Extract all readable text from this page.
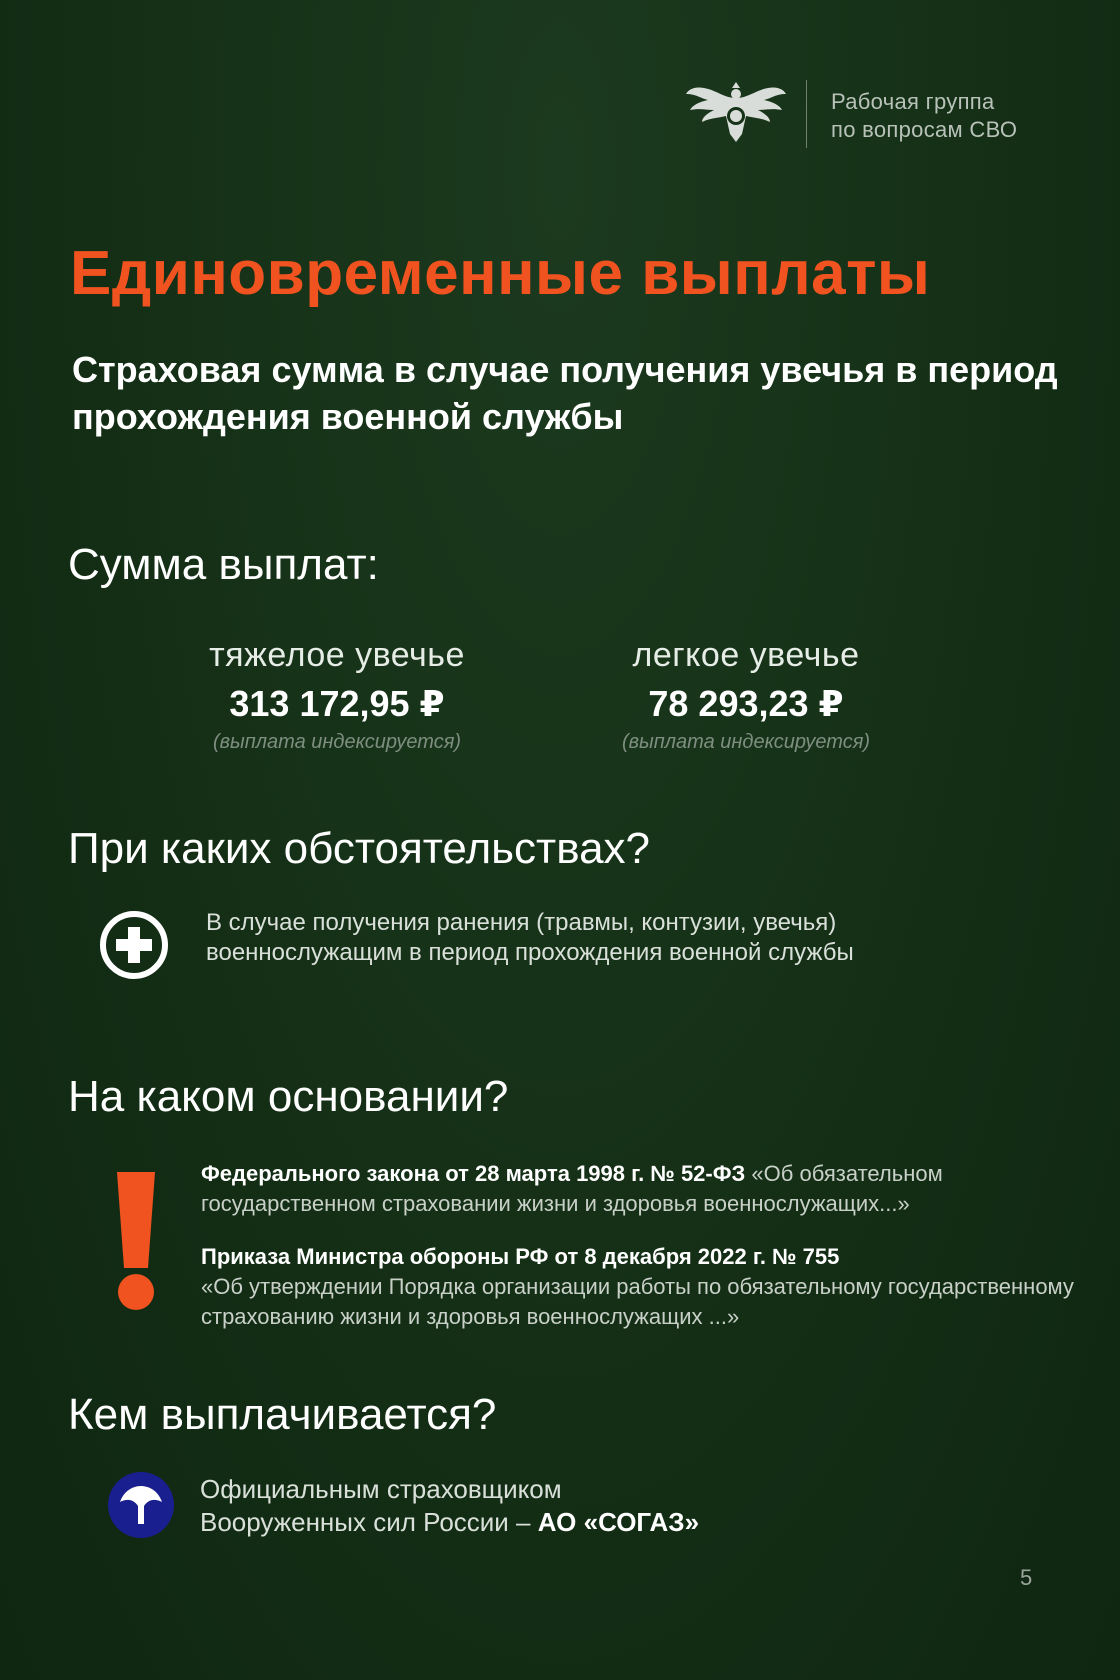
Рабочая группа
по вопросам СВО
Единовременные выплаты
Страховая сумма в случае получения увечья в период прохождения военной службы
Сумма выплат:
тяжелое увечье
313 172,95 ₽
(выплата индексируется)
легкое увечье
78 293,23 ₽
(выплата индексируется)
При каких обстоятельствах?
В случае получения ранения (травмы, контузии, увечья)
военнослужащим в период прохождения военной службы
На каком основании?
Федерального закона от 28 марта 1998 г. № 52-ФЗ «Об обязательном государственном страховании жизни и здоровья военнослужащих...»
Приказа Министра обороны РФ от 8 декабря 2022 г. № 755
«Об утверждении Порядка организации работы по обязательному государственному страхованию жизни и здоровья военнослужащих ...»
Кем выплачивается?
Официальным страховщиком
Вооруженных сил России – АО «СОГАЗ»
5
